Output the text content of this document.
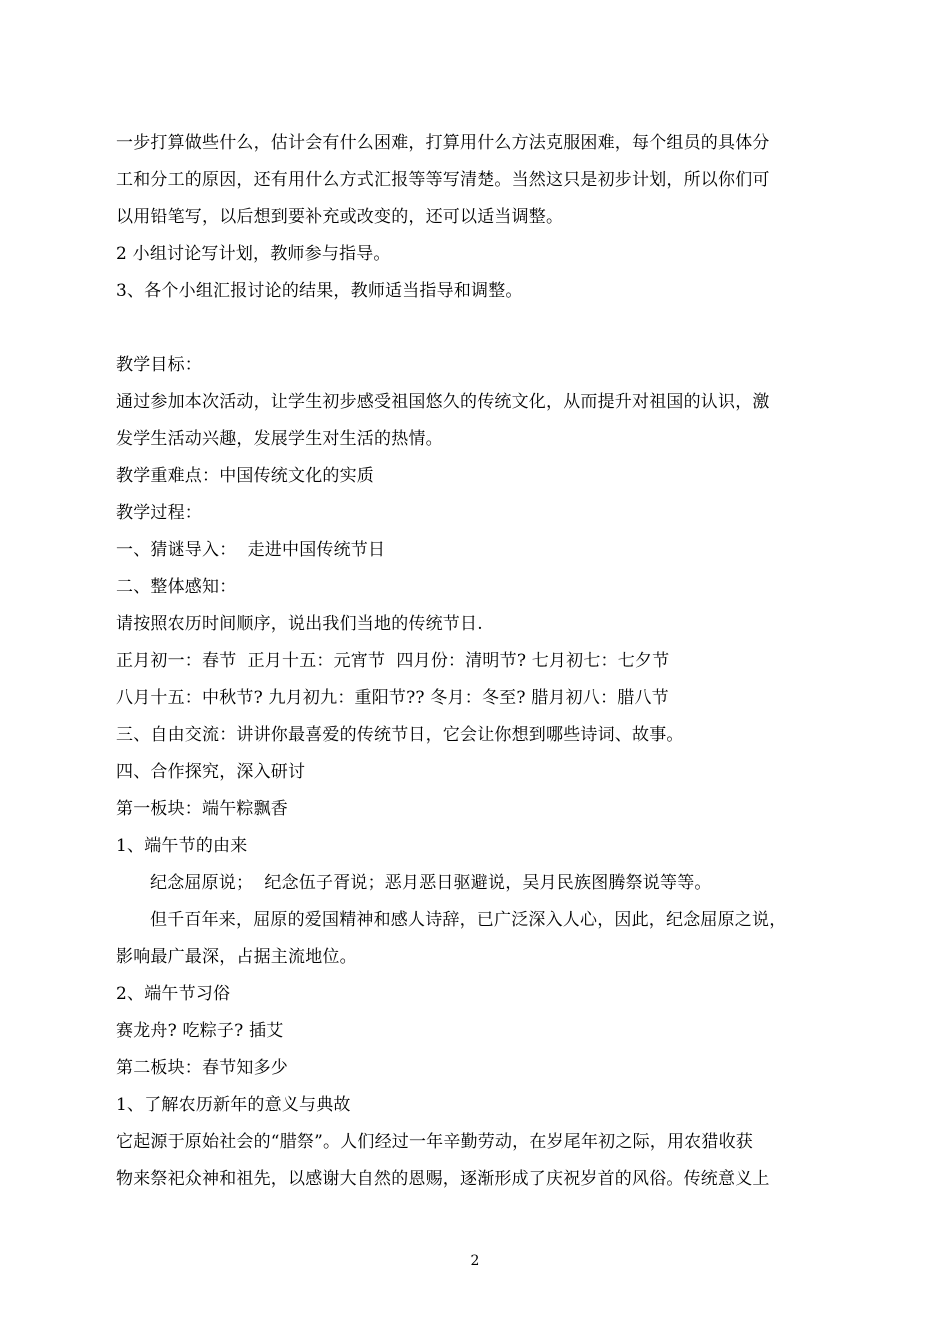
一步打算做些什么，估计会有什么困难，打算用什么方法克服困难，每个组员的具体分
工和分工的原因，还有用什么方式汇报等等写清楚。当然这只是初步计划，所以你们可
以用铅笔写，以后想到要补充或改变的，还可以适当调整。
2 小组讨论写计划，教师参与指导。
3、各个小组汇报讨论的结果，教师适当指导和调整。
教学目标：
通过参加本次活动，让学生初步感受祖国悠久的传统文化，从而提升对祖国的认识，激
发学生活动兴趣，发展学生对生活的热情。
教学重难点：中国传统文化的实质
教学过程：
一、猜谜导入：  走进中国传统节日
二、整体感知：
请按照农历时间顺序，说出我们当地的传统节日.
正月初一：春节  正月十五：元宵节  四月份：清明节? 七月初七：七夕节
八月十五：中秋节? 九月初九：重阳节?? 冬月：冬至? 腊月初八：腊八节
三、自由交流：讲讲你最喜爱的传统节日，它会让你想到哪些诗词、故事。
四、合作探究，深入研讨
第一板块：端午粽飘香
1、端午节的由来
纪念屈原说；  纪念伍子胥说；恶月恶日驱避说，吴月民族图腾祭说等等。
但千百年来，屈原的爱国精神和感人诗辞，已广泛深入人心，因此，纪念屈原之说，
影响最广最深，占据主流地位。
2、端午节习俗
赛龙舟? 吃粽子? 插艾
第二板块：春节知多少
1、了解农历新年的意义与典故
它起源于原始社会的“腊祭”。人们经过一年辛勤劳动，在岁尾年初之际，用农猎收获
物来祭祀众神和祖先，以感谢大自然的恩赐，逐渐形成了庆祝岁首的风俗。传统意义上
2
